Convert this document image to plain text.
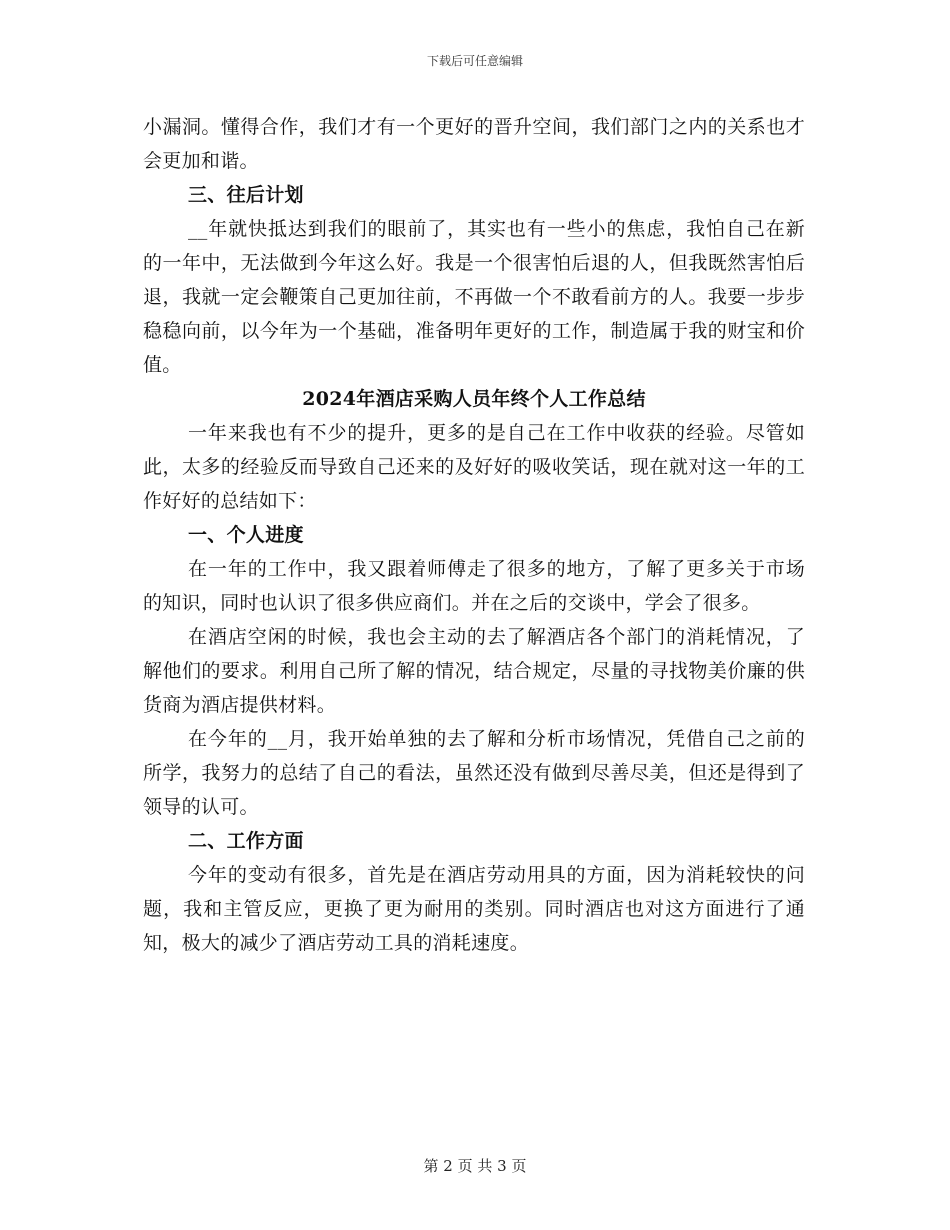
下载后可任意编辑

小漏洞。懂得合作，我们才有一个更好的晋升空间，我们部门之内的关系也才会更加和谐。

三、往后计划

__年就快抵达到我们的眼前了，其实也有一些小的焦虑，我怕自己在新的一年中，无法做到今年这么好。我是一个很害怕后退的人，但我既然害怕后退，我就一定会鞭策自己更加往前，不再做一个不敢看前方的人。我要一步步稳稳向前，以今年为一个基础，准备明年更好的工作，制造属于我的财宝和价值。

2024年酒店采购人员年终个人工作总结

一年来我也有不少的提升，更多的是自己在工作中收获的经验。尽管如此，太多的经验反而导致自己还来的及好好的吸收笑话，现在就对这一年的工作好好的总结如下：

一、个人进度

在一年的工作中，我又跟着师傅走了很多的地方，了解了更多关于市场的知识，同时也认识了很多供应商们。并在之后的交谈中，学会了很多。

在酒店空闲的时候，我也会主动的去了解酒店各个部门的消耗情况，了解他们的要求。利用自己所了解的情况，结合规定，尽量的寻找物美价廉的供货商为酒店提供材料。

在今年的__月，我开始单独的去了解和分析市场情况，凭借自己之前的所学，我努力的总结了自己的看法，虽然还没有做到尽善尽美，但还是得到了领导的认可。

二、工作方面

今年的变动有很多，首先是在酒店劳动用具的方面，因为消耗较快的问题，我和主管反应，更换了更为耐用的类别。同时酒店也对这方面进行了通知，极大的减少了酒店劳动工具的消耗速度。

第 2 页 共 3 页
